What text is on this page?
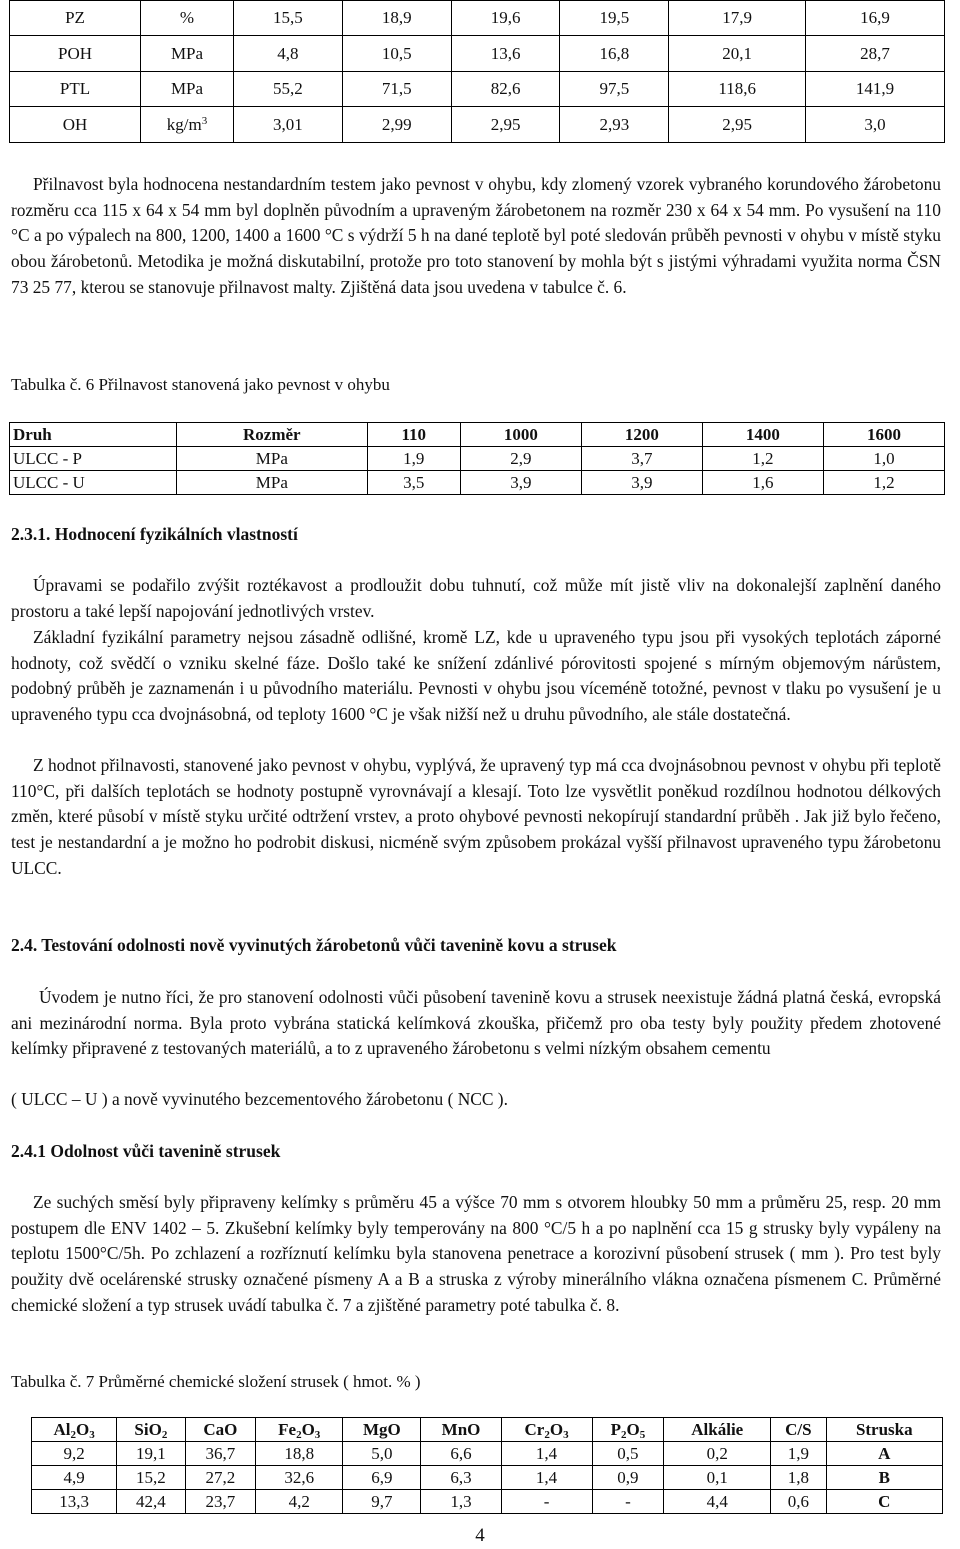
PZ	%	15,5	18,9	19,6	19,5	17,9	16,9
POH	MPa	4,8	10,5	13,6	16,8	20,1	28,7
PTL	MPa	55,2	71,5	82,6	97,5	118,6	141,9
OH	$kg/m^3$	3,01	2,99	2,95	2,93	2,95	3,0

Přilnavost byla hodnocena nestandardním testem jako pevnost v ohybu, kdy zlomený vzorek vybraného korundového žárobetonu rozměru cca 115 x 64 x 54 mm byl doplněn původním a upraveným žárobetonem na rozměr 230 x 64 x 54 mm. Po vysušení na 110 °C a po výpalech na 800, 1200, 1400 a 1600 °C s výdrží 5 h na dané teplotě byl poté sledován průběh pevnosti v ohybu v místě styku obou žárobetonů. Metodika je možná diskutabilní, protože pro toto stanovení by mohla být s jistými výhradami využita norma ČSN 73 25 77, kterou se stanovuje přilnavost malty. Zjištěná data jsou uvedena v tabulce č. 6.

Tabulka č. 6 Přilnavost stanovená jako pevnost v ohybu
Druh	Rozměr	110	1000	1200	1400	1600
ULCC - P	MPa	1,9	2,9	3,7	1,2	1,0
ULCC - U	MPa	3,5	3,9	3,9	1,6	1,2
2.3.1. Hodnocení fyzikálních vlastností

Úpravami se podařilo zvýšit roztékavost a prodloužit dobu tuhnutí, což může mít jistě vliv na dokonalejší zaplnění daného prostoru a také lepší napojování jednotlivých vrstev.

Základní fyzikální parametry nejsou zásadně odlišné, kromě LZ, kde u upraveného typu jsou při vysokých teplotách záporné hodnoty, což svědčí o vzniku skelné fáze. Došlo také ke snížení zdánlivé pórovitosti spojené s mírným objemovým nárůstem, podobný průběh je zaznamenán i u původního materiálu. Pevnosti v ohybu jsou víceméně totožné, pevnost v tlaku po vysušení je u upraveného typu cca dvojnásobná, od teploty 1600 °C je však nižší než u druhu původního, ale stále dostatečná.

Z hodnot přilnavosti, stanovené jako pevnost v ohybu, vyplývá, že upravený typ má cca dvojnásobnou pevnost v ohybu při teplotě 110°C, při dalších teplotách se hodnoty postupně vyrovnávají a klesají. Toto lze vysvětlit poněkud rozdílnou hodnotou délkových změn, které působí v místě styku určité odtržení vrstev, a proto ohybové pevnosti nekopírují standardní průběh . Jak již bylo řečeno, test je nestandardní a je možno ho podrobit diskusi, nicméně svým způsobem prokázal vyšší přilnavost upraveného typu žárobetonu ULCC.

2.4. Testování odolnosti nově vyvinutých žárobetonů vůči tavenině kovu a strusek

Úvodem je nutno říci, že pro stanovení odolnosti vůči působení tavenině kovu a strusek neexistuje žádná platná česká, evropská ani mezinárodní norma. Byla proto vybrána statická kelímková zkouška, přičemž pro oba testy byly použity předem zhotovené kelímky připravené z testovaných materiálů, a to z upraveného žárobetonu s velmi nízkým obsahem cementu

( ULCC – U ) a nově vyvinutého bezcementového žárobetonu ( NCC ).

2.4.1 Odolnost vůči tavenině strusek

Ze suchých směsí byly připraveny kelímky s průměru 45 a výšce 70 mm s otvorem hloubky 50 mm a průměru 25, resp. 20 mm postupem dle ENV 1402 – 5. Zkušební kelímky byly temperovány na 800 °C/5 h a po naplnění cca 15 g strusky byly vypáleny na teplotu 1500°C/5h. Po zchlazení a rozříznutí kelímku byla stanovena penetrace a korozivní působení strusek ( mm ). Pro test byly použity dvě ocelárenské strusky označené písmeny A a B a struska z výroby minerálního vlákna označena písmenem C. Průměrné chemické složení a typ strusek uvádí tabulka č. 7 a zjištěné parametry poté tabulka č. 8.

Tabulka č. 7 Průměrné chemické složení strusek ( hmot. % )
$Al_2O_3$	SiO$_2$	CaO	$Fe_2O_3$	MgO	MnO	$Cr_2O_3$	$P_2O_5$	Alkálie	C/S	Struska
9,2	19,1	36,7	18,8	5,0	6,6	1,4	0,5	0,2	1,9	A
4,9	15,2	27,2	32,6	6,9	6,3	1,4	0,9	0,1	1,8	B
13,3	42,4	23,7	4,2	9,7	1,3	-	-	4,4	0,6	C
4
